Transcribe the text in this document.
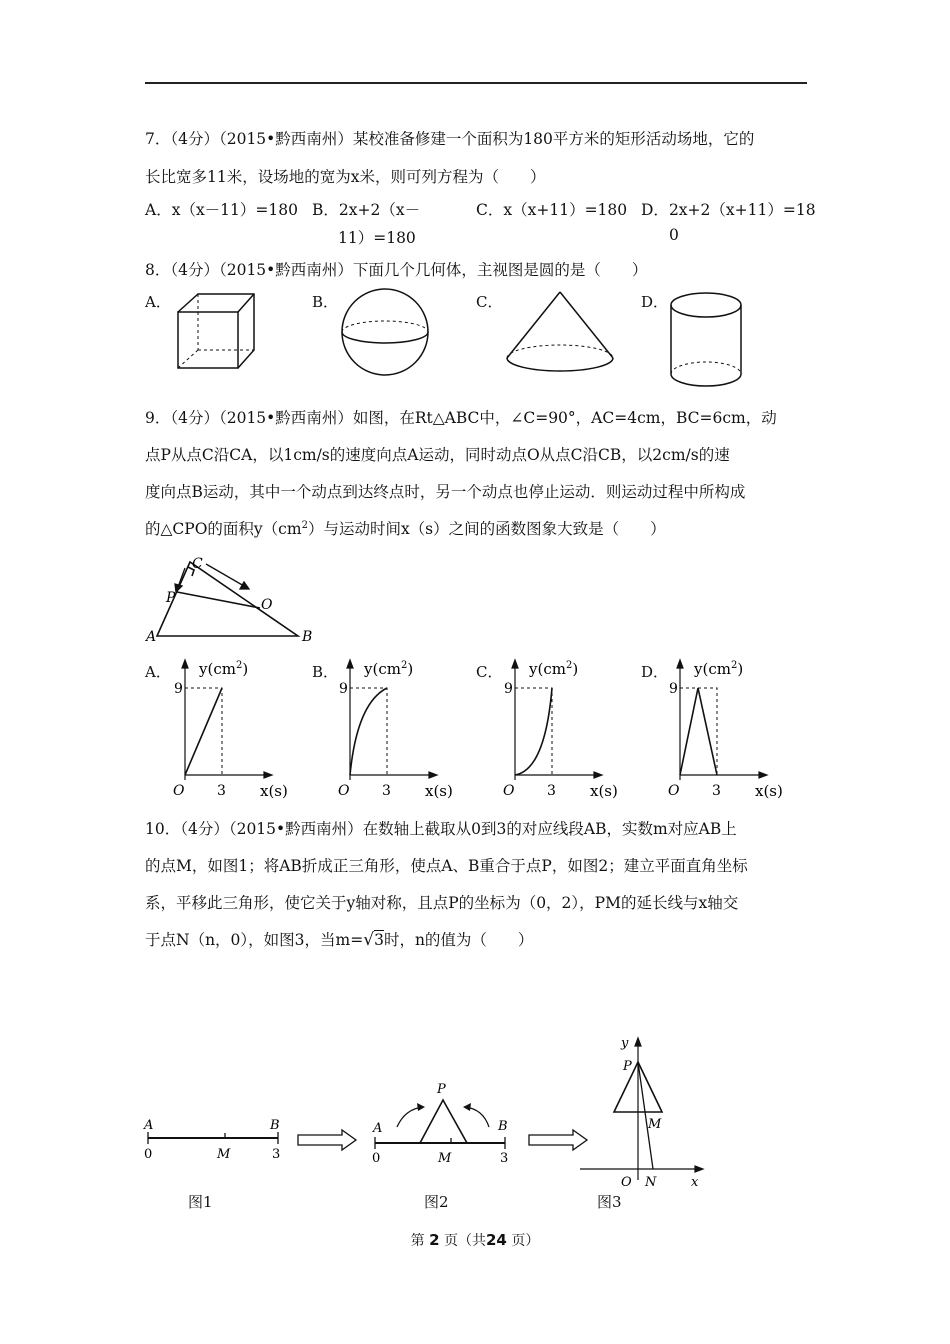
7．（4分）（2015•黔西南州）某校准备修建一个面积为180平方米的矩形活动场地，它的
长比宽多11米，设场地的宽为x米，则可列方程为（　　）
A．x（x－11）=180 B．2x+2（x－
11）=180
C．x（x+11）=180 D．2x+2（x+11）=18
0
8．（4分）（2015•黔西南州）下面几个几何体，主视图是圆的是（　　）
A．	B．	C．	D．
9．（4分）（2015•黔西南州）如图，在Rt△ABC中，∠C=90°，AC=4cm，BC=6cm，动
点P从点C沿CA，以1cm/s的速度向点A运动，同时动点O从点C沿CB，以2cm/s的速
度向点B运动，其中一个动点到达终点时，另一个动点也停止运动．则运动过程中所构成
的△CPO的面积$y(cm^2)$与运动时间x（s）之间的函数图象大致是（　　）
C
P	O
A	B
A．	B．	C．	D．
$y(cm^2)$
9
3
O	x(s)
$y(cm^2)$
9
3
O	x(s)
$y(cm^2)$
9
3
O	x(s)
$y(cm^2)$
9
3
O	x(s)
10．（4分）（2015•黔西南州）在数轴上截取从0到3的对应线段AB，实数m对应AB上
的点M，如图1；将AB折成正三角形，使点A、B重合于点P，如图2；建立平面直角坐标
系，平移此三角形，使它关于y轴对称，且点P的坐标为（0，2），PM的延长线与x轴交
于点N（n，0），如图3，当m=√3时，n的值为（　　）
A	B
0	M	3
图1
P
A	B
0	M	3
图2
y
P
M
O N	x
图3
第 2 页（共24 页）
